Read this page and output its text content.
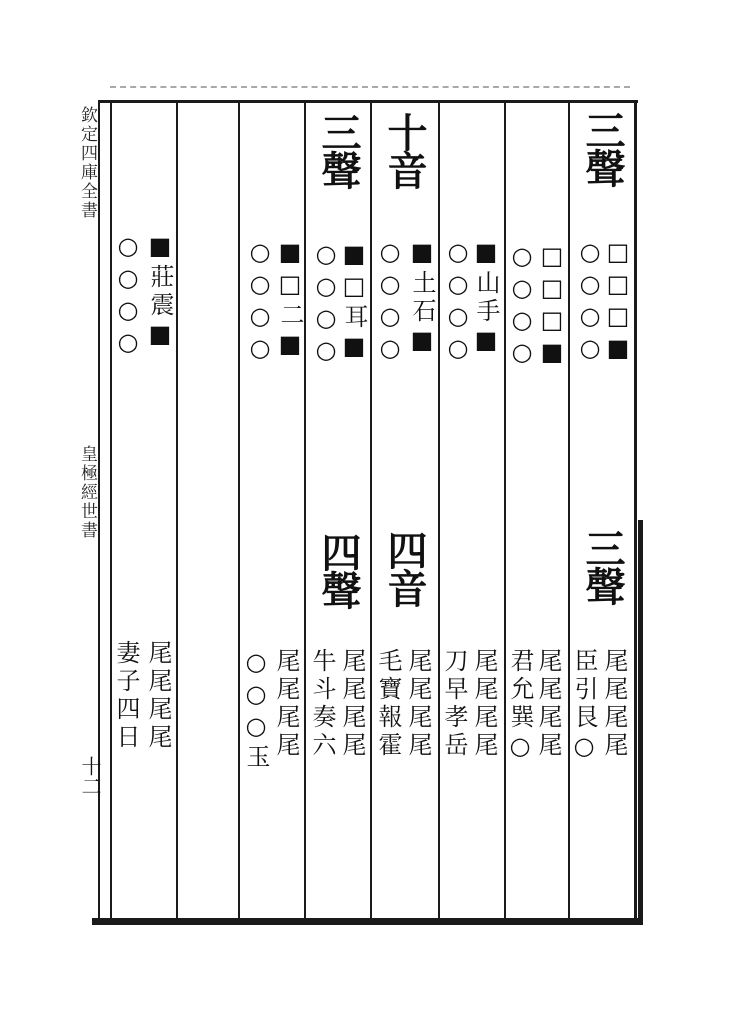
欽定四庫全書
皇極經世書
十二
三聲
□□□■
○○○○
□□□■
○○○○
■山手■
○○○○
十音
■土石■
○○○○
三聲
■□耳■
○○○○
■□二■
○○○○
■莊震■
○○○○
三聲
尾尾尾尾
臣引艮○
尾尾尾尾
君允巽○
尾尾尾尾
刀早孝岳
四音
尾尾尾尾
毛寶報霍
四聲
尾尾尾尾
牛斗奏六
尾尾尾尾
○○○玉
尾尾尾尾
妻子四日
